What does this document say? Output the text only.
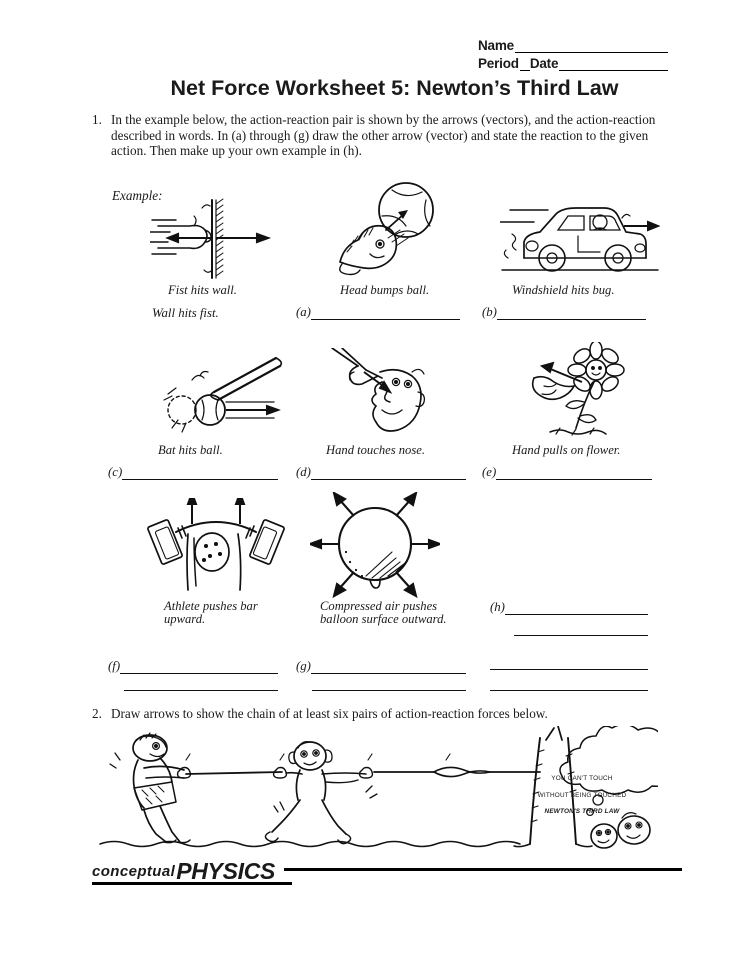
Name
Period Date
Net Force Worksheet 5: Newton’s Third Law
1. In the example below, the action-reaction pair is shown by the arrows (vectors), and the action-reaction described in words. In (a) through (g) draw the other arrow (vector) and state the reaction to the given action. Then make up your own example in (h).
Example:
Fist hits wall.	Head bumps ball.	Windshield hits bug.
Wall hits fist.	(a)	(b)
Bat hits ball.	Hand touches nose.	Hand pulls on flower.
(c)	(d)	(e)
Athlete pushes bar
upward.
Compressed air pushes
balloon surface outward.
(h)
(f)	(g)
2. Draw arrows to show the chain of at least six pairs of action-reaction forces below.

YOU CAN'T TOUCH

WITHOUT BEING TOUCHED

NEWTON'S THIRD LAW

conceptual PHYSICS
